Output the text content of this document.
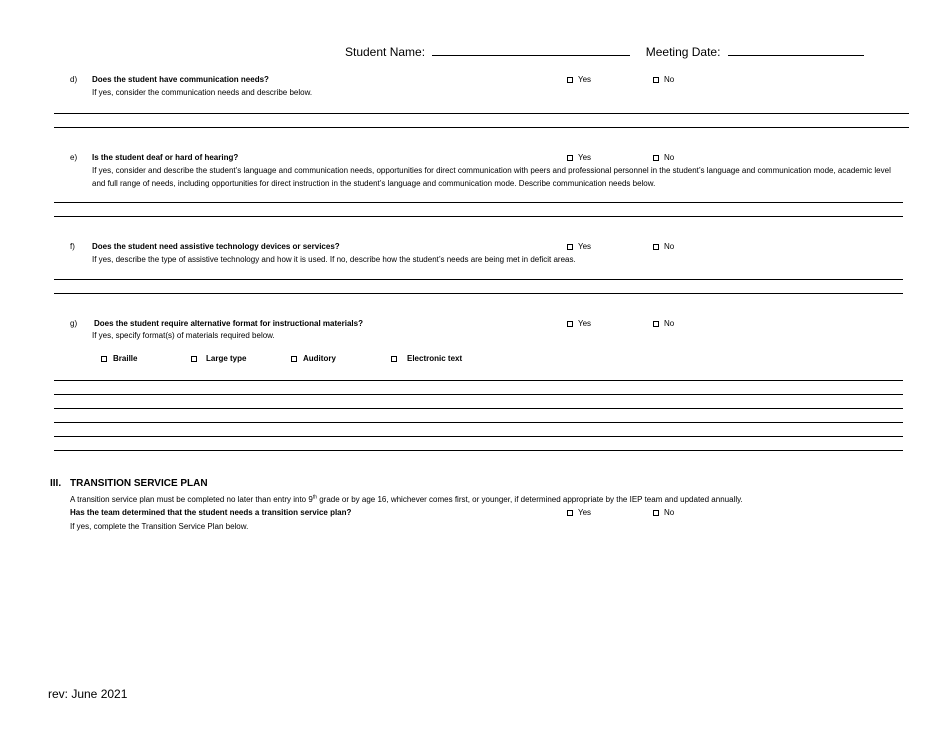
Student Name:	Meeting Date:
d) Does the student have communication needs?
If yes, consider the communication needs and describe below.
Yes	No
e) Is the student deaf or hard of hearing?
If yes, consider and describe the student’s language and communication needs, opportunities for direct communication with peers and professional personnel in the student’s language and communication mode, academic level and full range of needs, including opportunities for direct instruction in the student’s language and communication mode. Describe communication needs below.
Yes	No
f) Does the student need assistive technology devices or services?
If yes, describe the type of assistive technology and how it is used. If no, describe how the student’s needs are being met in deficit areas.
Yes	No
g) Does the student require alternative format for instructional materials?
If yes, specify format(s) of materials required below.
Yes	No
Braille	Large type	Auditory	Electronic text
III. TRANSITION SERVICE PLAN
A transition service plan must be completed no later than entry into 9th grade or by age 16, whichever comes first, or younger, if determined appropriate by the IEP team and updated annually.
Has the team determined that the student needs a transition service plan?	Yes	No
If yes, complete the Transition Service Plan below.
rev: June 2021
